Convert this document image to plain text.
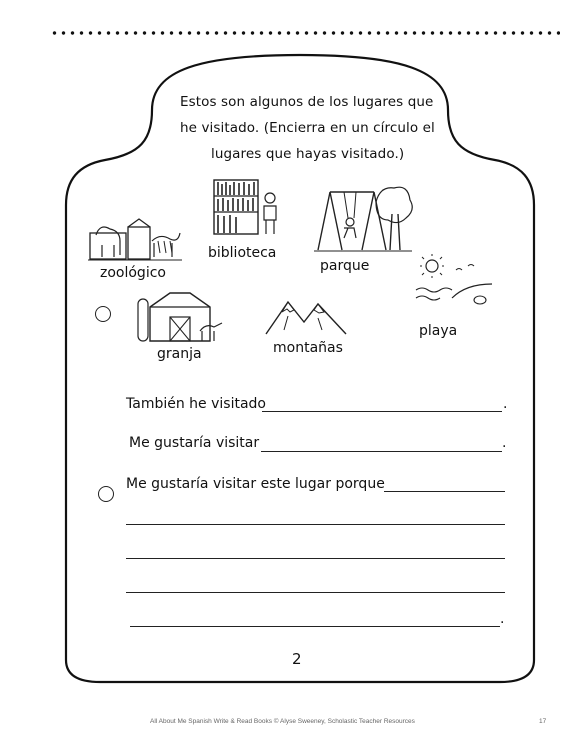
Estos son algunos de los lugares que
he visitado. (Encierra en un círculo el
lugares que hayas visitado.)
zoológico
biblioteca
parque
granja	montañas
playa
También he visitado	.
Me gustaría visitar	.
Me gustaría visitar este lugar porque
.
2
All About Me Spanish Write & Read Books © Alyse Sweeney, Scholastic Teacher Resources	17
